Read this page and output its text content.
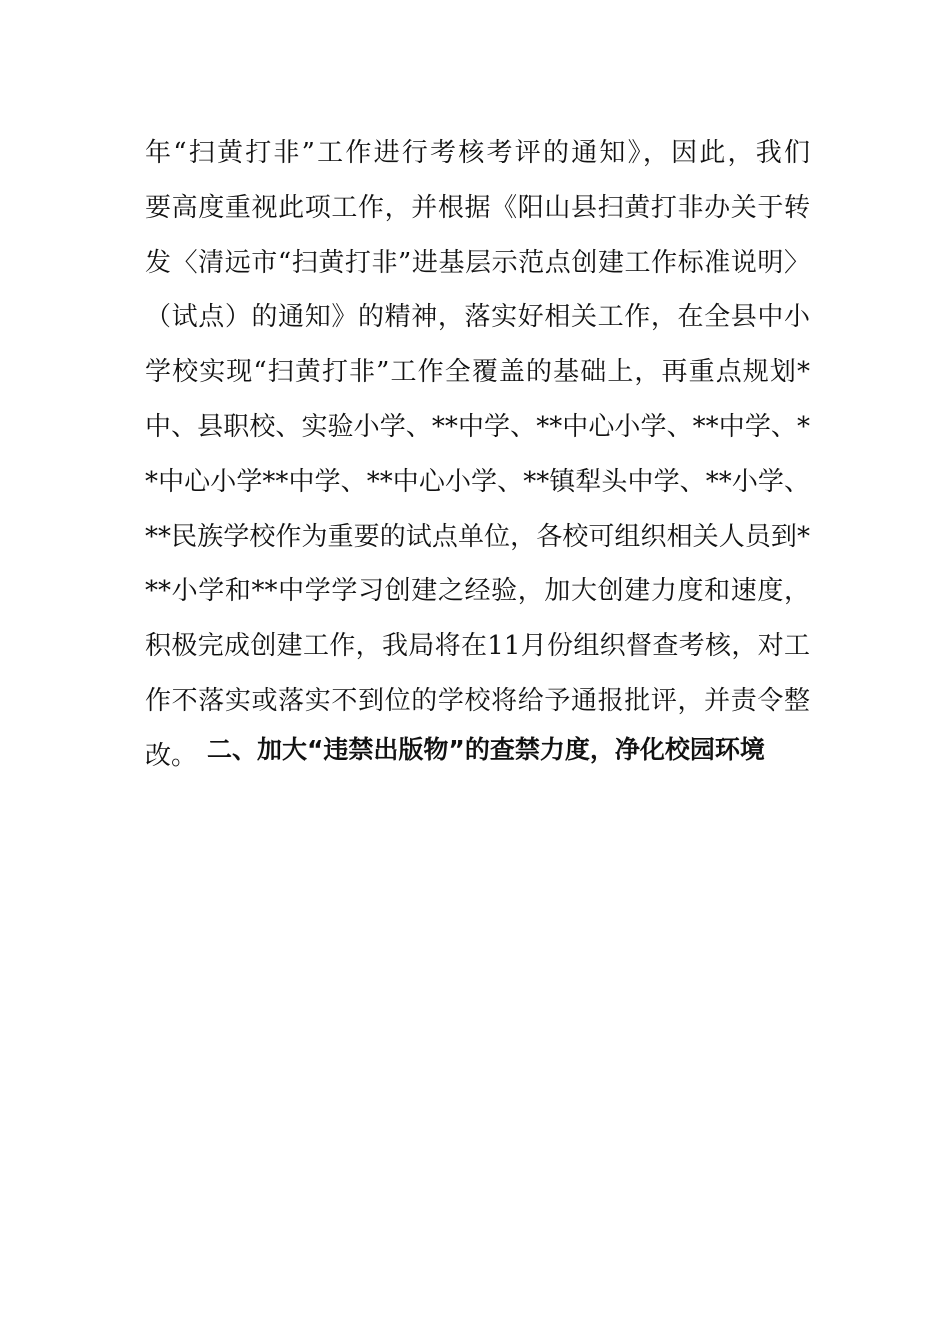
年“扫黄打非”工作进行考核考评的通知》，因此，我们
要高度重视此项工作，并根据《阳山县扫黄打非办关于转
发〈清远市“扫黄打非”进基层示范点创建工作标准说明〉
（试点）的通知》的精神，落实好相关工作，在全县中小
学校实现“扫黄打非”工作全覆盖的基础上，再重点规划*
中、县职校、实验小学、**中学、**中心小学、**中学、*
*中心小学**中学、**中心小学、**镇犁头中学、**小学、
**民族学校作为重要的试点单位，各校可组织相关人员到*
**小学和**中学学习创建之经验，加大创建力度和速度，
积极完成创建工作，我局将在11月份组织督查考核，对工
作不落实或落实不到位的学校将给予通报批评，并责令整
改。 二、加大“违禁出版物”的查禁力度，净化校园环境
